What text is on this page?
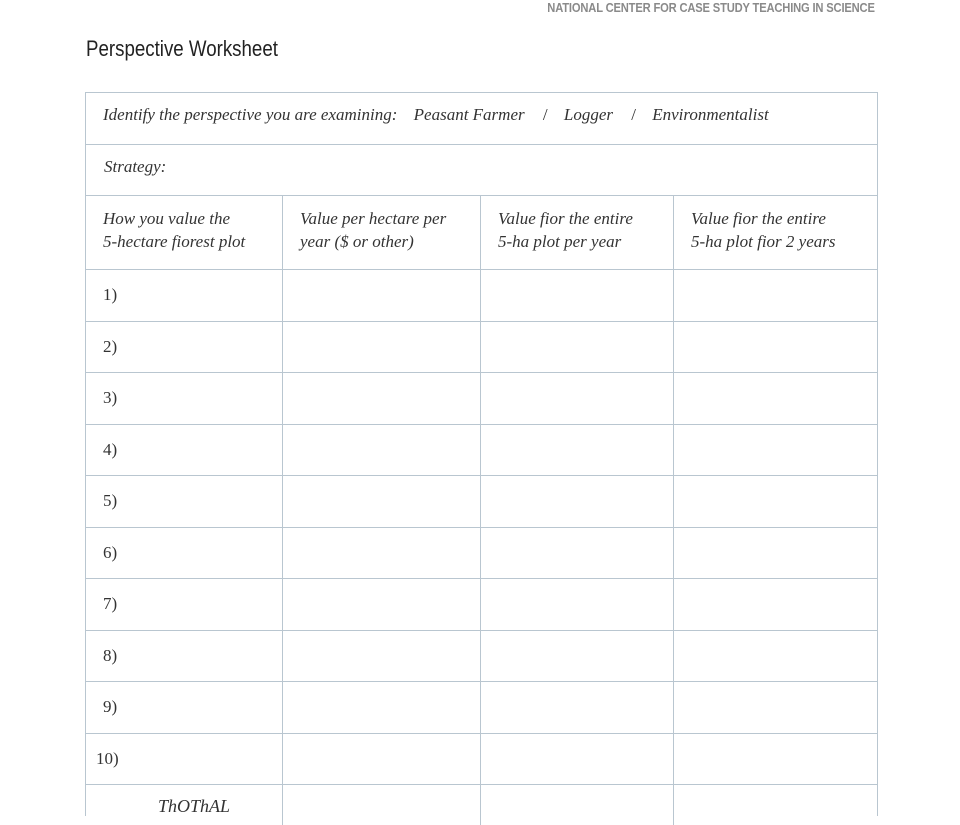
NATIONAL CENTER FOR CASE STUDY TEACHING IN SCIENCE
Perspective Worksheet
Identify the perspective you are examining: Peasant Farmer / Logger / Environmentalist
Strategy:
How you value the
5-hectare fiorest plot
Value per hectare per
year ($ or other)
Value fior the entire
5-ha plot per year
Value fior the entire
5-ha plot fior 2 years
1)
2)
3)
4)
5)
6)
7)
8)
9)
10)
ThOThAL
